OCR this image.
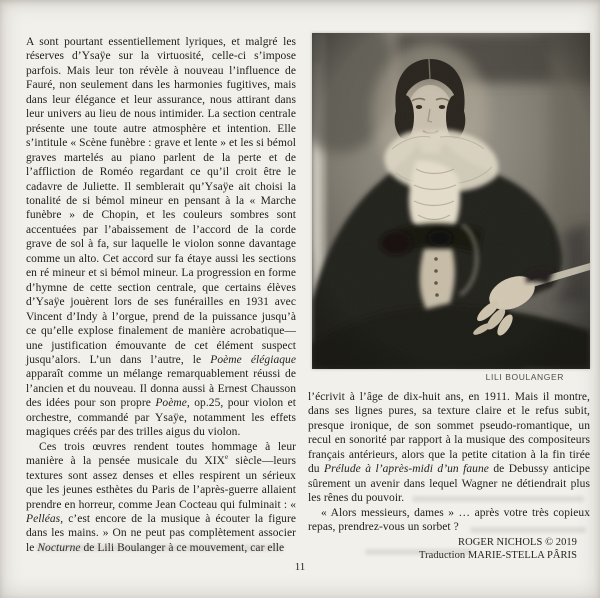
A sont pourtant essentiellement lyriques, et malgré les réserves d’Ysaÿe sur la virtuosité, celle-ci s’impose parfois. Mais leur ton révèle à nouveau l’influence de Fauré, non seulement dans les harmonies fugitives, mais dans leur élégance et leur assurance, nous attirant dans leur univers au lieu de nous intimider. La section centrale présente une toute autre atmosphère et intention. Elle s’intitule « Scène funèbre : grave et lente » et les si bémol graves martelés au piano parlent de la perte et de l’affliction de Roméo regardant ce qu’il croit être le cadavre de Juliette. Il semblerait qu’Ysaÿe ait choisi la tonalité de si bémol mineur en pensant à la « Marche funèbre » de Chopin, et les couleurs sombres sont accentuées par l’abaissement de l’accord de la corde grave de sol à fa, sur laquelle le violon sonne davantage comme un alto. Cet accord sur fa étaye aussi les sections en ré mineur et si bémol mineur. La progression en forme d’hymne de cette section centrale, que certains élèves d’Ysaÿe jouèrent lors de ses funérailles en 1931 avec Vincent d’Indy à l’orgue, prend de la puissance jusqu’à ce qu’elle explose finalement de manière acrobatique—une justification émouvante de cet élément suspect jusqu’alors. L’un dans l’autre, le Poème élégiaque apparaît comme un mélange remarquablement réussi de l’ancien et du nouveau. Il donna aussi à Ernest Chausson des idées pour son propre Poème, op.25, pour violon et orchestre, commandé par Ysaÿe, notamment les effets magiques créés par des trilles aigus du violon.

Ces trois œuvres rendent toutes hommage à leur manière à la pensée musicale du XIXe siècle—leurs textures sont assez denses et elles respirent un sérieux que les jeunes esthètes du Paris de l’après-guerre allaient prendre en horreur, comme Jean Cocteau qui fulminait : « Pelléas, c’est encore de la musique à écouter la figure dans les mains. » On ne peut pas complètement associer le Nocturne de Lili Boulanger à ce mouvement, car elle

LILI BOULANGER

l’écrivit à l’âge de dix-huit ans, en 1911. Mais il montre, dans ses lignes pures, sa texture claire et le refus subit, presque ironique, de son sommet pseudo-romantique, un recul en sonorité par rapport à la musique des compositeurs français antérieurs, alors que la petite citation à la fin tirée du Prélude à l’après-midi d’un faune de Debussy anticipe sûrement un avenir dans lequel Wagner ne détiendrait plus les rênes du pouvoir.

« Alors messieurs, dames » … après votre très copieux repas, prendrez-vous un sorbet ?

ROGER NICHOLS © 2019
Traduction MARIE-STELLA PÂRIS
11
